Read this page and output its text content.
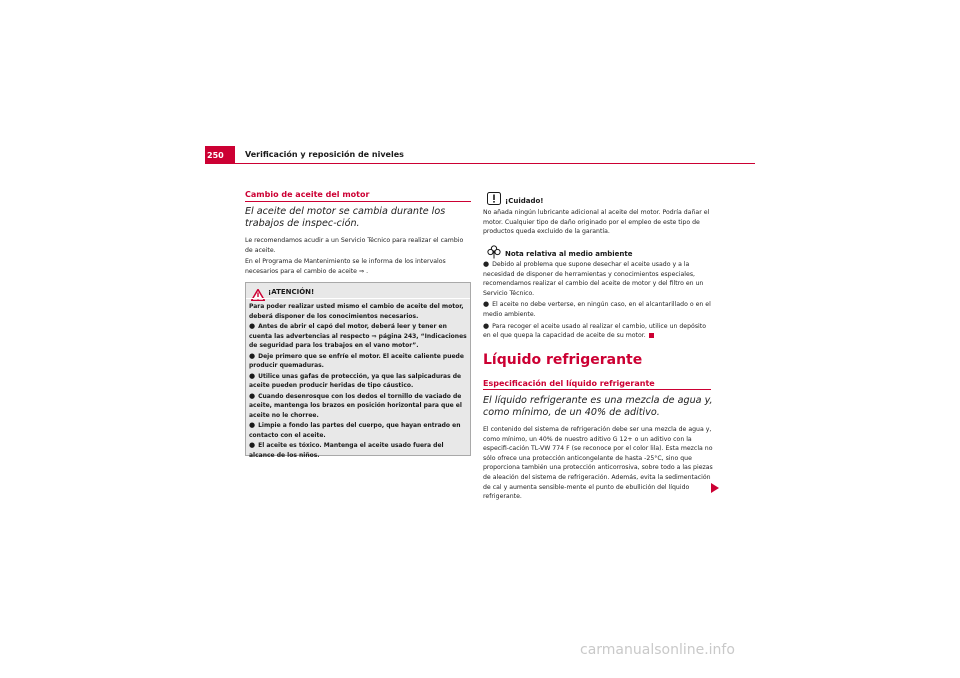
250	Verificación y reposición de niveles
Cambio de aceite del motor
El aceite del motor se cambia durante los trabajos de inspec-ción.

Le recomendamos acudir a un Servicio Técnico para realizar el cambio de aceite.

En el Programa de Mantenimiento se le informa de los intervalos necesarios para el cambio de aceite ⇒ .

¡ATENCIÓN!

Para poder realizar usted mismo el cambio de aceite del motor, deberá disponer de los conocimientos necesarios.

● Antes de abrir el capó del motor, deberá leer y tener en cuenta las advertencias al respecto ⇒ página 243, “Indicaciones de seguridad para los trabajos en el vano motor”.

● Deje primero que se enfríe el motor. El aceite caliente puede producir quemaduras.

● Utilice unas gafas de protección, ya que las salpicaduras de aceite pueden producir heridas de tipo cáustico.

● Cuando desenrosque con los dedos el tornillo de vaciado de aceite, mantenga los brazos en posición horizontal para que el aceite no le chorree.

● Limpie a fondo las partes del cuerpo, que hayan entrado en contacto con el aceite.

● El aceite es tóxico. Mantenga el aceite usado fuera del alcance de los niños.

¡Cuidado!
No añada ningún lubricante adicional al aceite del motor. Podría dañar el motor. Cualquier tipo de daño originado por el empleo de este tipo de productos queda excluido de la garantía.
Nota relativa al medio ambiente

● Debido al problema que supone desechar el aceite usado y a la necesidad de disponer de herramientas y conocimientos especiales, recomendamos realizar el cambio del aceite de motor y del filtro en un Servicio Técnico.

● El aceite no debe verterse, en ningún caso, en el alcantarillado o en el medio ambiente.

● Para recoger el aceite usado al realizar el cambio, utilice un depósito en el que quepa la capacidad de aceite de su motor.

Líquido refrigerante
Especificación del líquido refrigerante
El líquido refrigerante es una mezcla de agua y, como mínimo, de un 40% de aditivo.
El contenido del sistema de refrigeración debe ser una mezcla de agua y, como mínimo, un 40% de nuestro aditivo G 12+ o un aditivo con la especifi-cación TL-VW 774 F (se reconoce por el color lila). Esta mezcla no sólo ofrece una protección anticongelante de hasta -25°C, sino que proporciona también una protección anticorrosiva, sobre todo a las piezas de aleación del sistema de refrigeración. Además, evita la sedimentación de cal y aumenta sensible-mente el punto de ebullición del líquido refrigerante.
carmanualsonline.info
